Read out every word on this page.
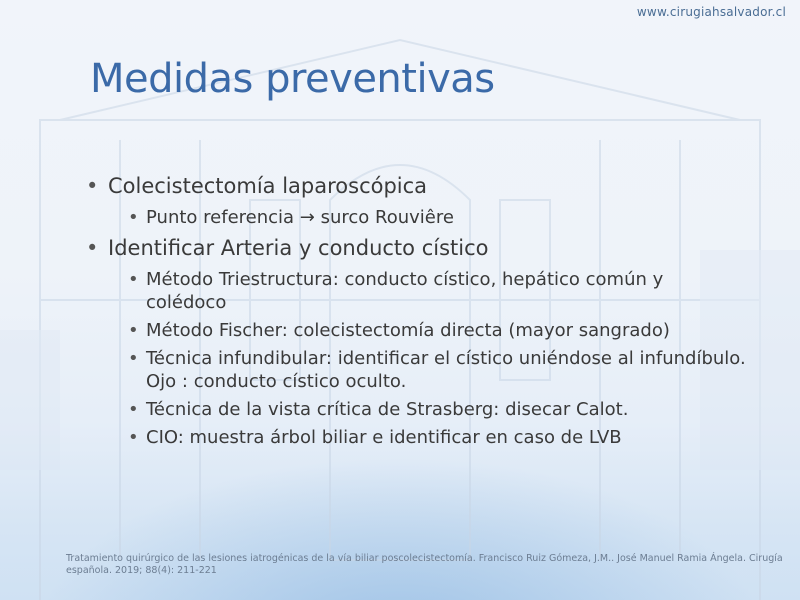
www.cirugiahsalvador.cl
Medidas preventivas
• Colecistectomía laparoscópica
• Punto referencia → surco Rouviêre
• Identificar Arteria y conducto cístico
• Método Triestructura: conducto cístico, hepático común y colédoco
• Método Fischer: colecistectomía directa (mayor sangrado)
• Técnica infundibular: identificar el cístico uniéndose al infundíbulo. Ojo : conducto cístico oculto.
• Técnica de la vista crítica de Strasberg: disecar Calot.
• CIO: muestra árbol biliar e identificar en caso de LVB
Tratamiento quirúrgico de las lesiones iatrogénicas de la vía biliar poscolecistectomía. Francisco Ruiz Gómeza, J.M.. José Manuel Ramia Ángela. Cirugía española. 2019; 88(4): 211-221
